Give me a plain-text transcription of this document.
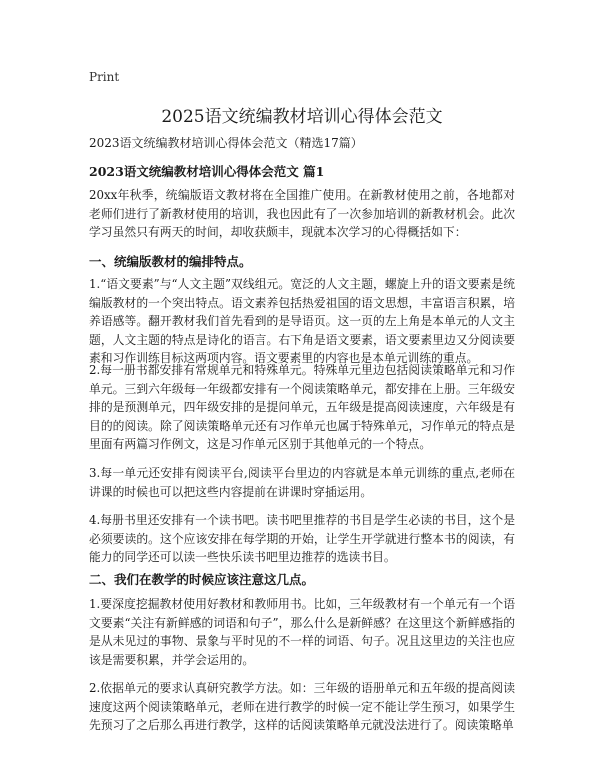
Print
2025语文统编教材培训心得体会范文
2023语文统编教材培训心得体会范文（精选17篇）
2023语文统编教材培训心得体会范文 篇1

20xx年秋季，统编版语文教材将在全国推广使用。在新教材使用之前，各地都对老师们进行了新教材使用的培训，我也因此有了一次参加培训的新教材机会。此次学习虽然只有两天的时间，却收获颇丰，现就本次学习的心得概括如下：

一、统编版教材的编排特点。

1.“语文要素”与“人文主题”双线组元。宽泛的人文主题，螺旋上升的语文要素是统编版教材的一个突出特点。语文素养包括热爱祖国的语文思想，丰富语言积累，培养语感等。翻开教材我们首先看到的是导语页。这一页的左上角是本单元的人文主题，人文主题的特点是诗化的语言。右下角是语文要素，语文要素里边又分阅读要素和习作训练目标这两项内容。语文要素里的内容也是本单元训练的重点。

2.每一册书都安排有常规单元和特殊单元。特殊单元里边包括阅读策略单元和习作单元。三到六年级每一年级都安排有一个阅读策略单元，都安排在上册。三年级安排的是预测单元，四年级安排的是提问单元，五年级是提高阅读速度，六年级是有目的的阅读。除了阅读策略单元还有习作单元也属于特殊单元，习作单元的特点是里面有两篇习作例文，这是习作单元区别于其他单元的一个特点。

3.每一单元还安排有阅读平台,阅读平台里边的内容就是本单元训练的重点,老师在讲课的时候也可以把这些内容提前在讲课时穿插运用。

4.每册书里还安排有一个读书吧。读书吧里推荐的书目是学生必读的书目，这个是必须要读的。这个应该安排在每学期的开始，让学生开学就进行整本书的阅读，有能力的同学还可以读一些快乐读书吧里边推荐的选读书目。

二、我们在教学的时候应该注意这几点。

1.要深度挖掘教材使用好教材和教师用书。比如，三年级教材有一个单元有一个语文要素“关注有新鲜感的词语和句子”，那么什么是新鲜感？在这里这个新鲜感指的是从未见过的事物、景象与平时见的不一样的词语、句子。况且这里边的关注也应该是需要积累，并学会运用的。

2.依据单元的要求认真研究教学方法。如：三年级的语册单元和五年级的提高阅读速度这两个阅读策略单元，老师在进行教学的时候一定不能让学生预习，如果学生先预习了之后那么再进行教学，这样的话阅读策略单元就没法进行了。阅读策略单
